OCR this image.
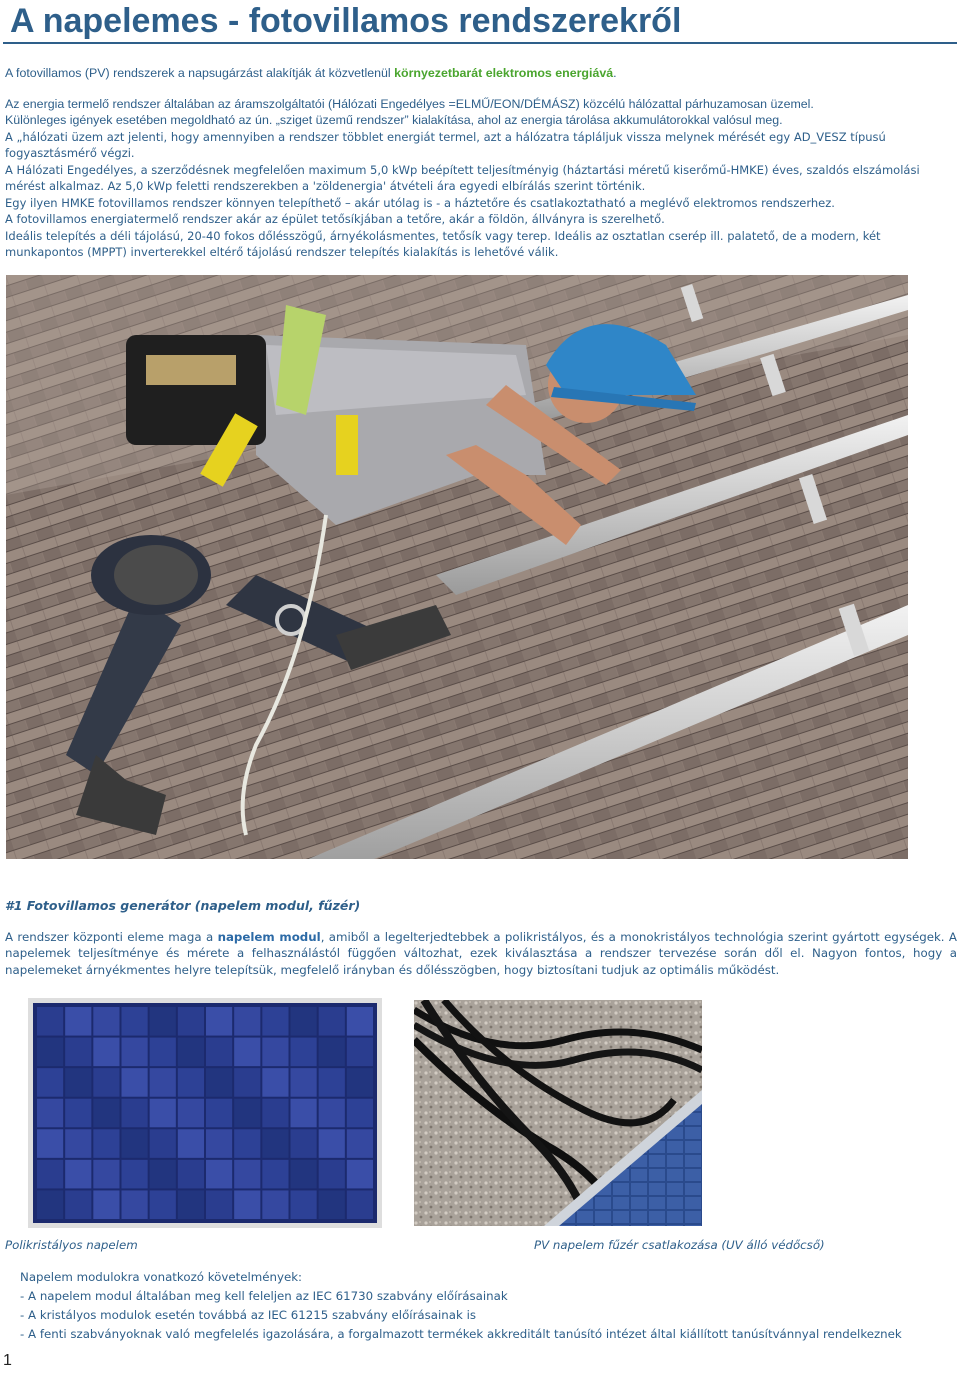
A napelemes - fotovillamos rendszerekről

A fotovillamos (PV) rendszerek a napsugárzást alakítják át közvetlenül környezetbarát elektromos energiává.

Az energia termelő rendszer általában az áramszolgáltatói (Hálózati Engedélyes =ELMŰ/EON/DÉMÁSZ) közcélú hálózattal párhuzamosan üzemel.

Különleges igények esetében megoldható az ún. „sziget üzemű rendszer” kialakítása, ahol az energia tárolása akkumulátorokkal valósul meg.

A „hálózati üzem azt jelenti, hogy amennyiben a rendszer többlet energiát termel, azt a hálózatra tápláljuk vissza melynek mérését egy AD_VESZ típusú fogyasztásmérő végzi.

A Hálózati Engedélyes, a szerződésnek megfelelően maximum 5,0 kWp beépített teljesítményig (háztartási méretű kiserőmű-HMKE) éves, szaldós elszámolási mérést alkalmaz. Az 5,0 kWp feletti rendszerekben a 'zöldenergia' átvételi ára egyedi elbírálás szerint történik.

Egy ilyen HMKE fotovillamos rendszer könnyen telepíthető – akár utólag is - a háztetőre és csatlakoztatható a meglévő elektromos rendszerhez.

A fotovillamos energiatermelő rendszer akár az épület tetősíkjában a tetőre, akár a földön, állványra is szerelhető.

Ideális telepítés a déli tájolású, 20-40 fokos dőlésszögű, árnyékolásmentes, tetősík vagy terep. Ideális az osztatlan cserép ill. palatető, de a modern, két munkapontos (MPPT) inverterekkel eltérő tájolású rendszer telepítés kialakítás is lehetővé válik.

#1 Fotovillamos generátor (napelem modul, fűzér)

A rendszer központi eleme maga a napelem modul, amiből a legelterjedtebbek a polikristályos, és a monokristályos technológia szerint gyártott egységek. A napelemek teljesítménye és mérete a felhasználástól függően változhat, ezek kiválasztása a rendszer tervezése során dől el. Nagyon fontos, hogy a napelemeket árnyékmentes helyre telepítsük, megfelelő irányban és dőlésszögben, hogy biztosítani tudjuk az optimális működést.

Polikristályos napelem	PV napelem fűzér csatlakozása (UV álló védőcső)
Napelem modulokra vonatkozó követelmények:
- A napelem modul általában meg kell feleljen az IEC 61730 szabvány előírásainak
- A kristályos modulok esetén továbbá az IEC 61215 szabvány előírásainak is
- A fenti szabványoknak való megfelelés igazolására, a forgalmazott termékek akkreditált tanúsító intézet által kiállított tanúsítvánnyal rendelkeznek
1
